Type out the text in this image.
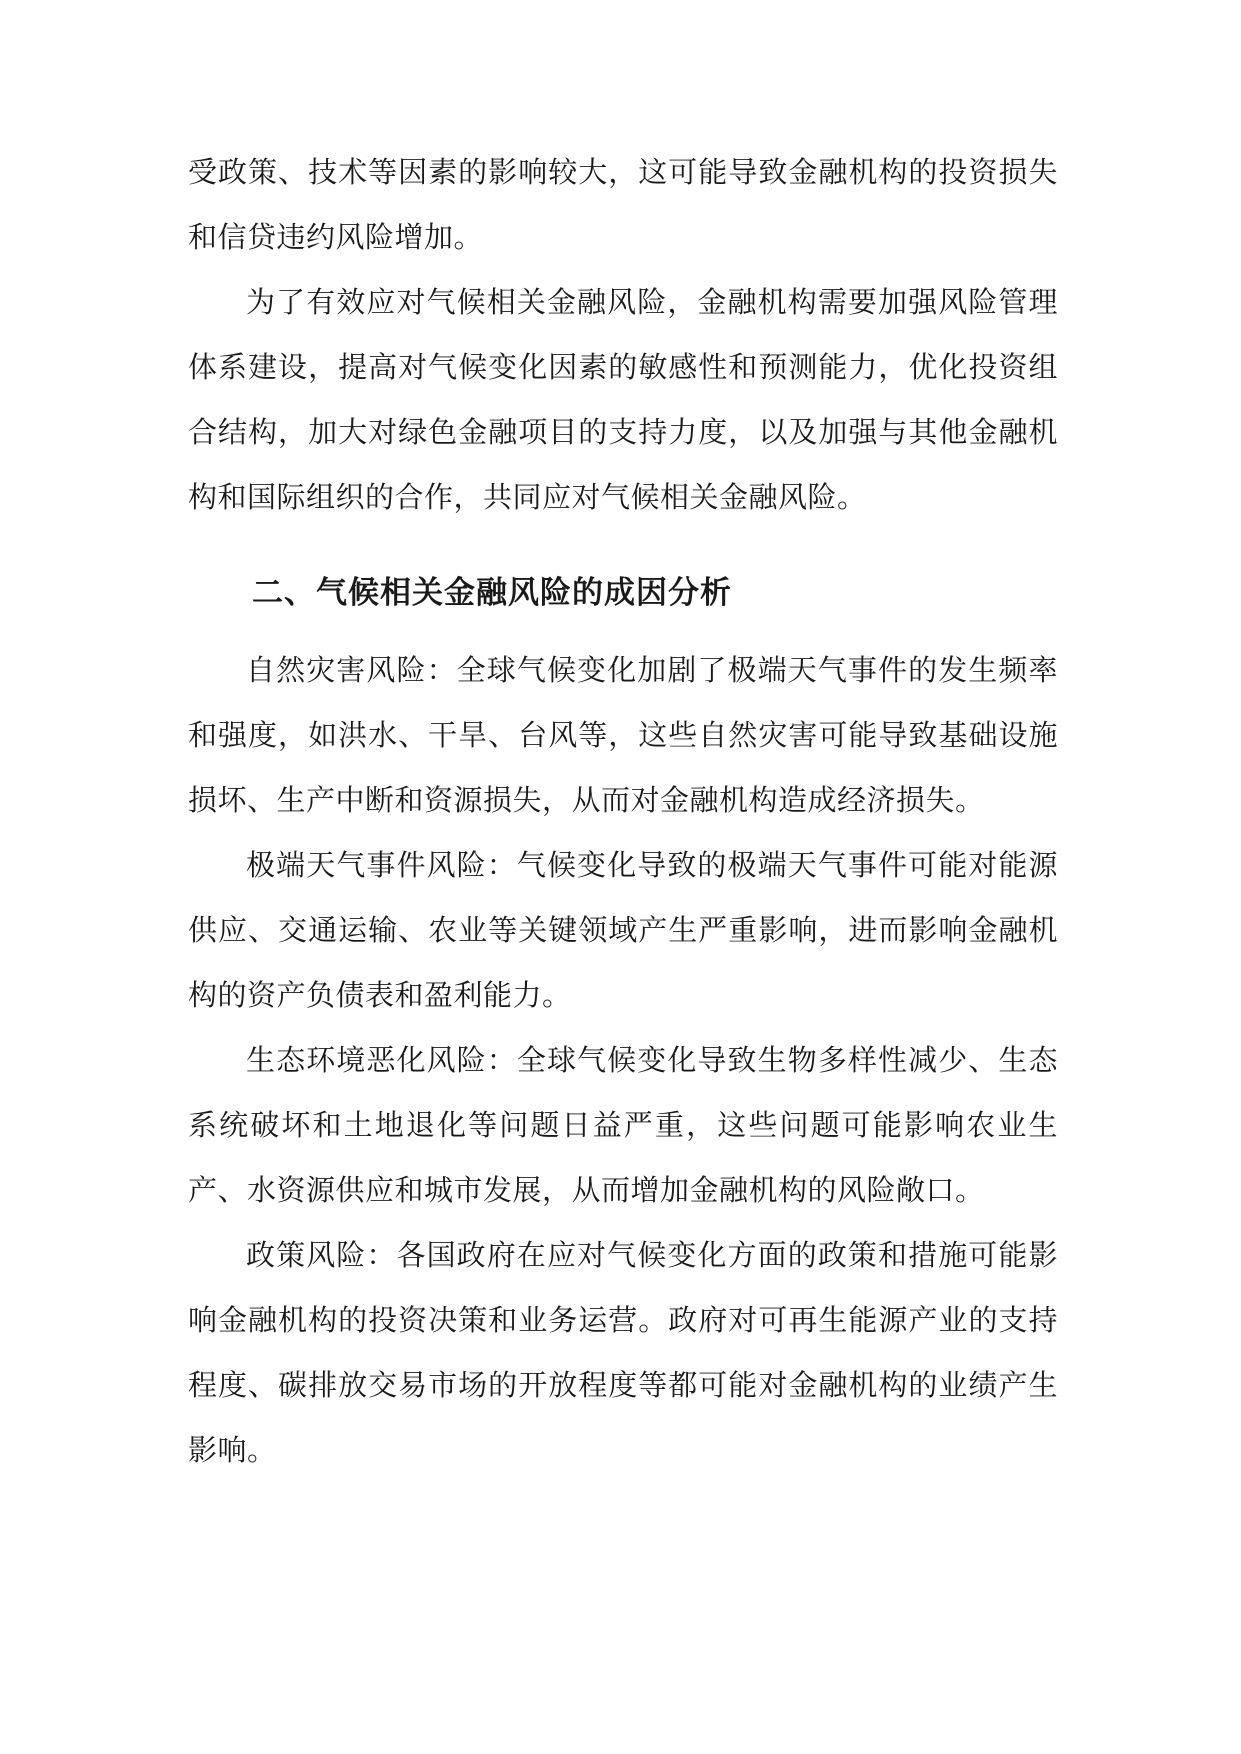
受政策、技术等因素的影响较大，这可能导致金融机构的投资损失和信贷违约风险增加。

为了有效应对气候相关金融风险，金融机构需要加强风险管理体系建设，提高对气候变化因素的敏感性和预测能力，优化投资组合结构，加大对绿色金融项目的支持力度，以及加强与其他金融机构和国际组织的合作，共同应对气候相关金融风险。

二、气候相关金融风险的成因分析

自然灾害风险：全球气候变化加剧了极端天气事件的发生频率和强度，如洪水、干旱、台风等，这些自然灾害可能导致基础设施损坏、生产中断和资源损失，从而对金融机构造成经济损失。

极端天气事件风险：气候变化导致的极端天气事件可能对能源供应、交通运输、农业等关键领域产生严重影响，进而影响金融机构的资产负债表和盈利能力。

生态环境恶化风险：全球气候变化导致生物多样性减少、生态系统破坏和土地退化等问题日益严重，这些问题可能影响农业生产、水资源供应和城市发展，从而增加金融机构的风险敞口。

政策风险：各国政府在应对气候变化方面的政策和措施可能影响金融机构的投资决策和业务运营。政府对可再生能源产业的支持程度、碳排放交易市场的开放程度等都可能对金融机构的业绩产生影响。
